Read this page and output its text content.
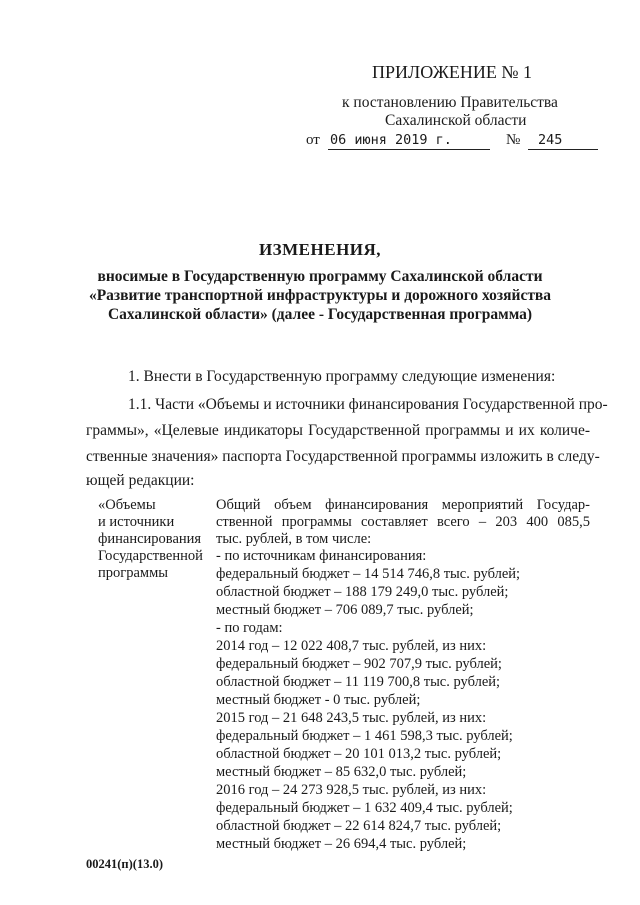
ПРИЛОЖЕНИЕ № 1
к постановлению Правительства
Сахалинской области
от 06 июня 2019 г.	№ 245
ИЗМЕНЕНИЯ,
вносимые в Государственную программу Сахалинской области
«Развитие транспортной инфраструктуры и дорожного хозяйства
Сахалинской области» (далее - Государственная программа)
1. Внести в Государственную программу следующие изменения:
1.1. Части «Объемы и источники финансирования Государственной про-
граммы», «Целевые индикаторы Государственной программы и их количе-
ственные значения» паспорта Государственной программы изложить в следу-
ющей редакции:
«Объемы
и источники
финансирования
Государственной
программы
Общий объем финансирования мероприятий Государ-
ственной программы составляет всего – 203 400 085,5
тыс. рублей, в том числе:
- по источникам финансирования:
федеральный бюджет – 14 514 746,8 тыс. рублей;
областной бюджет – 188 179 249,0 тыс. рублей;
местный бюджет – 706 089,7 тыс. рублей;
- по годам:
2014 год – 12 022 408,7 тыс. рублей, из них:
федеральный бюджет – 902 707,9 тыс. рублей;
областной бюджет – 11 119 700,8 тыс. рублей;
местный бюджет - 0 тыс. рублей;
2015 год – 21 648 243,5 тыс. рублей, из них:
федеральный бюджет – 1 461 598,3 тыс. рублей;
областной бюджет – 20 101 013,2 тыс. рублей;
местный бюджет – 85 632,0 тыс. рублей;
2016 год – 24 273 928,5 тыс. рублей, из них:
федеральный бюджет – 1 632 409,4 тыс. рублей;
областной бюджет – 22 614 824,7 тыс. рублей;
местный бюджет – 26 694,4 тыс. рублей;
00241(п)(13.0)
